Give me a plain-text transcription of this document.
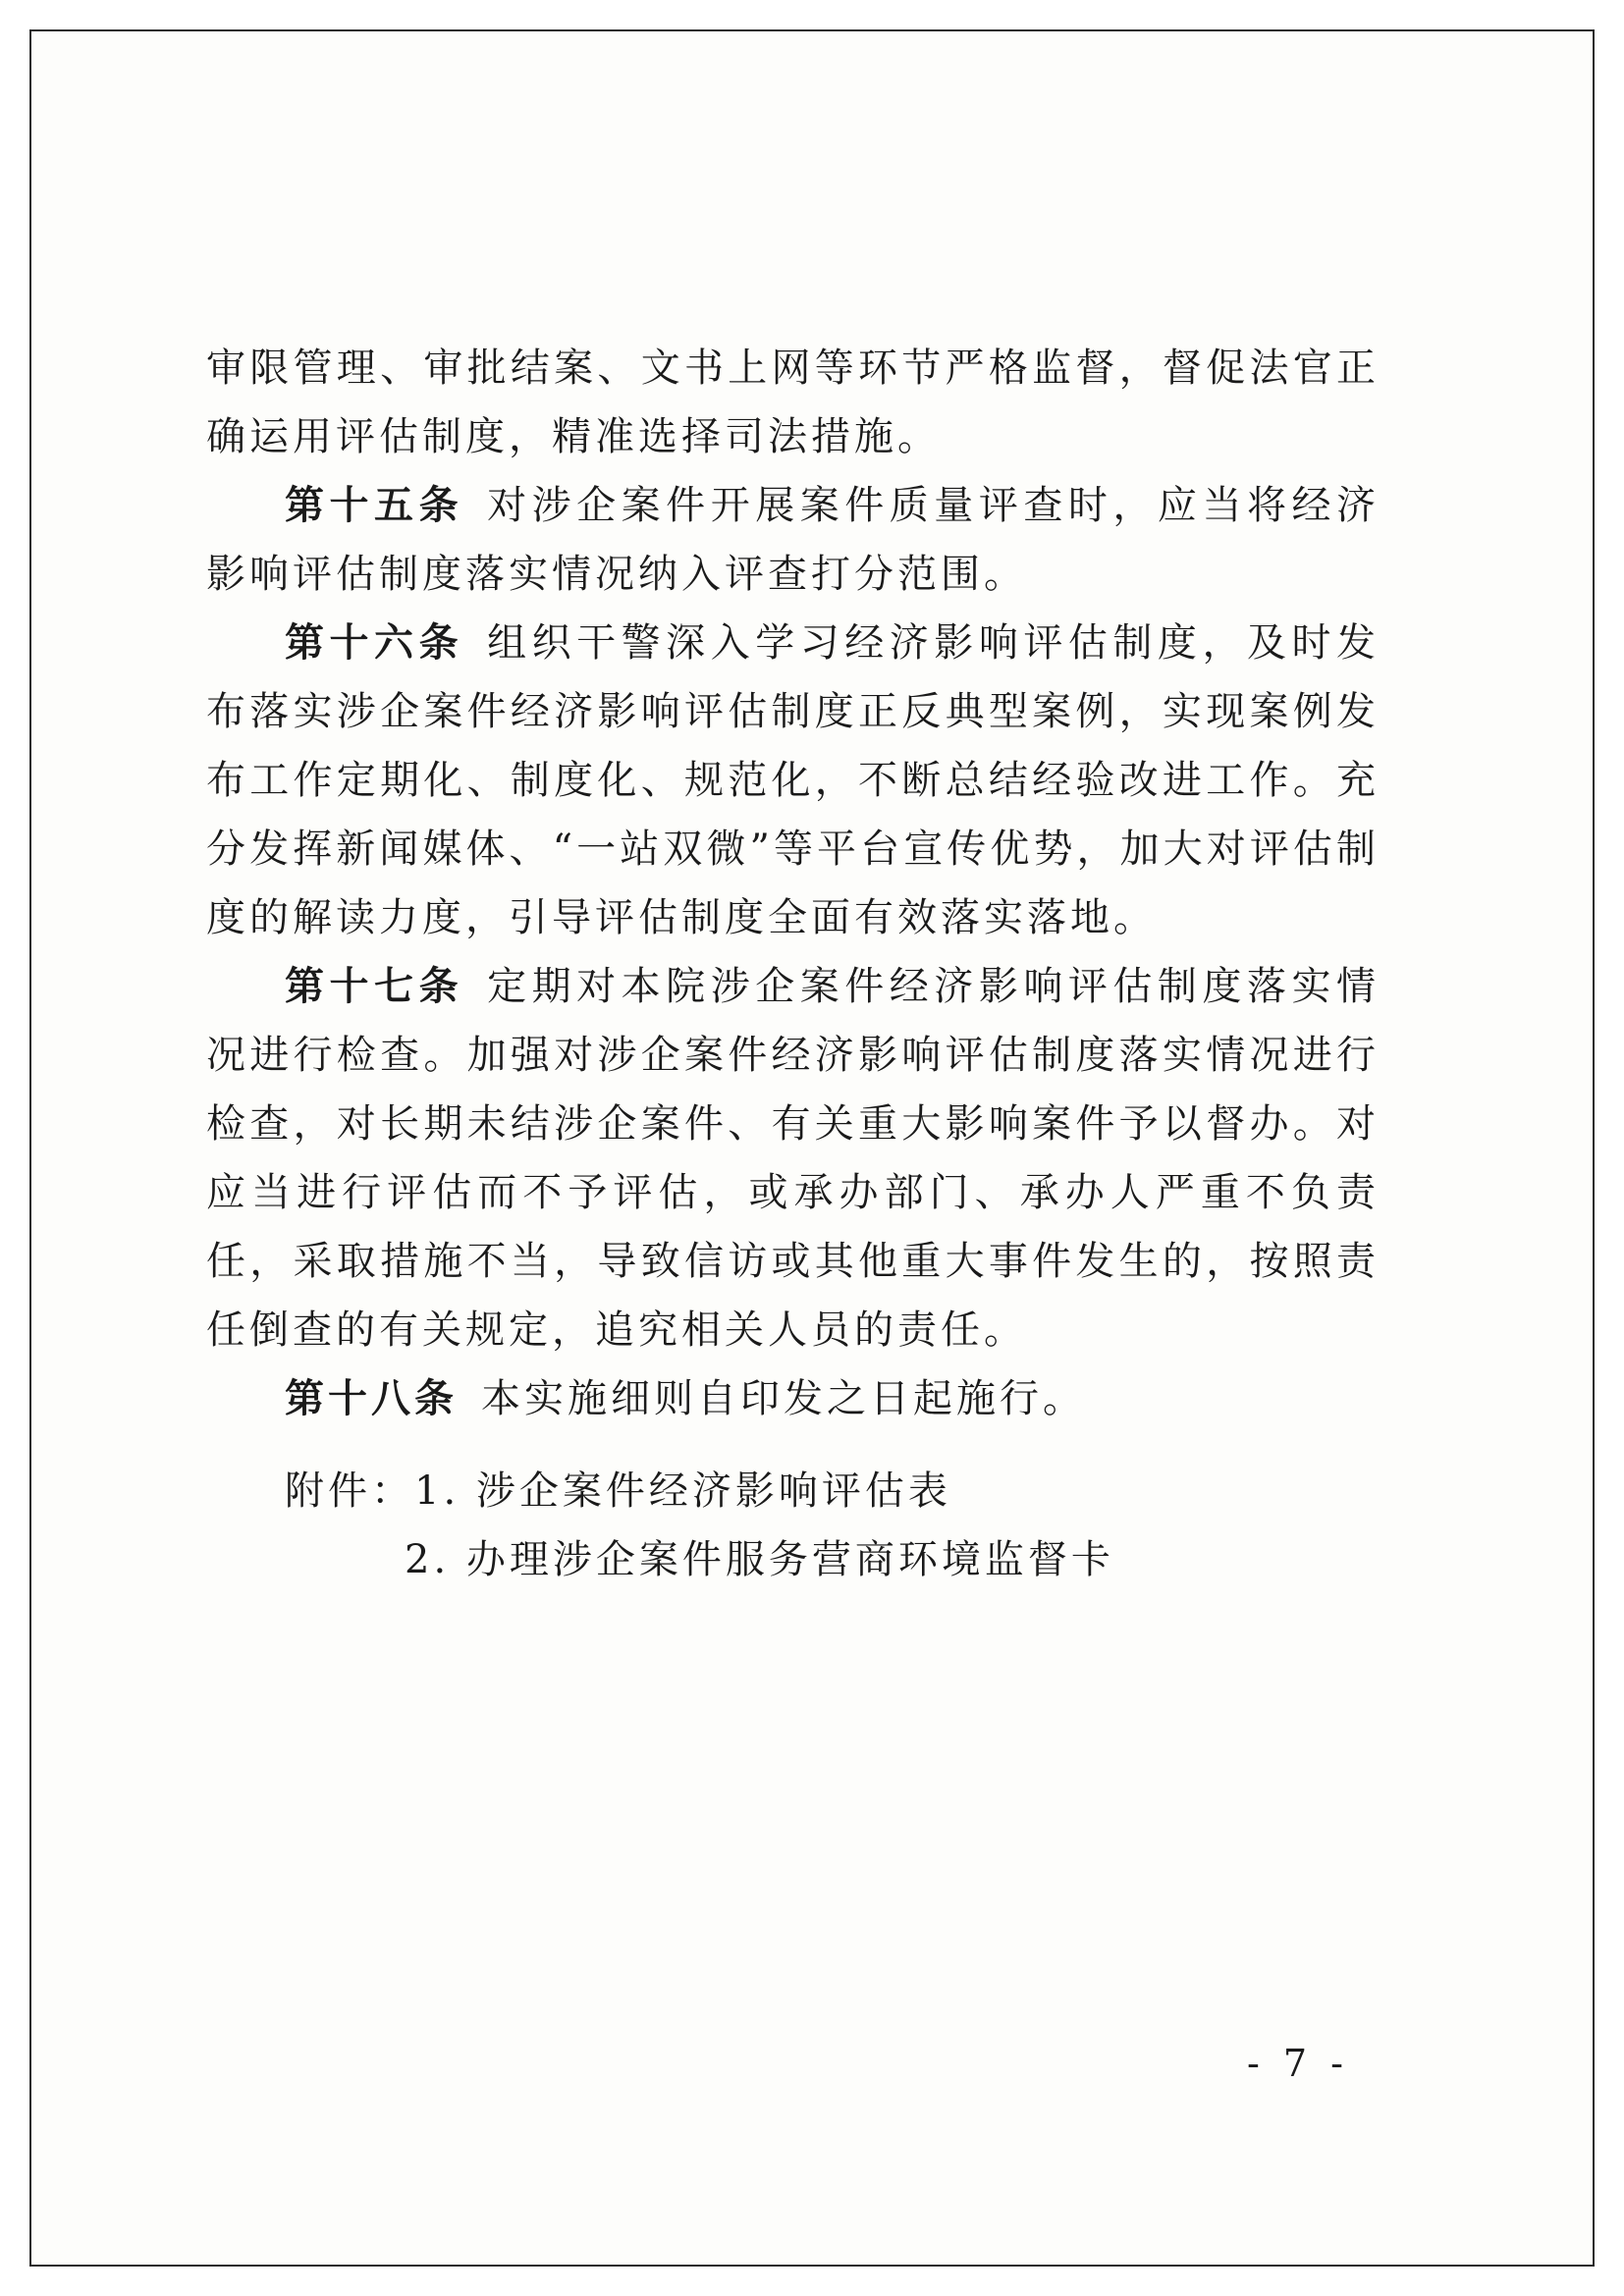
审限管理、审批结案、文书上网等环节严格监督，督促法官正确运用评估制度，精准选择司法措施。

第十五条 对涉企案件开展案件质量评查时，应当将经济影响评估制度落实情况纳入评查打分范围。

第十六条 组织干警深入学习经济影响评估制度，及时发布落实涉企案件经济影响评估制度正反典型案例，实现案例发布工作定期化、制度化、规范化，不断总结经验改进工作。充分发挥新闻媒体、“一站双微”等平台宣传优势，加大对评估制度的解读力度，引导评估制度全面有效落实落地。

第十七条 定期对本院涉企案件经济影响评估制度落实情况进行检查。加强对涉企案件经济影响评估制度落实情况进行检查，对长期未结涉企案件、有关重大影响案件予以督办。对应当进行评估而不予评估，或承办部门、承办人严重不负责任，采取措施不当，导致信访或其他重大事件发生的，按照责任倒查的有关规定，追究相关人员的责任。

第十八条 本实施细则自印发之日起施行。

附件：1. 涉企案件经济影响评估表
2. 办理涉企案件服务营商环境监督卡
- 7 -
